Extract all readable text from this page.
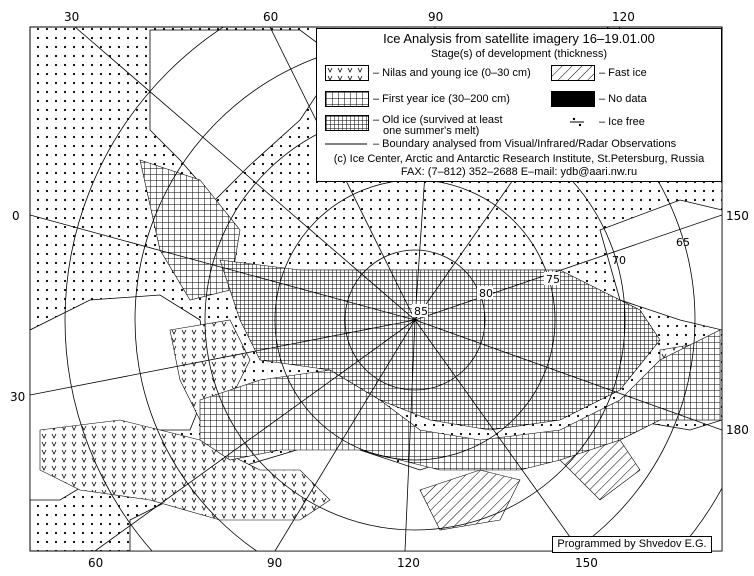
85
80
75
70
65
30	60	90	120
60	90	120	150
0
30
150
180
Ice Analysis from satellite imagery 16–19.01.00
Stage(s) of development (thickness)
– Nilas and young ice (0–30 cm)	– Fast ice
– First year ice (30–200 cm)	– No data
– Old ice (survived at least
one summer's melt)
– Ice free
– Boundary analysed from Visual/Infrared/Radar Observations
(c) Ice Center, Arctic and Antarctic Research Institute, St.Petersburg, Russia
FAX: (7–812) 352–2688 E–mail: ydb@aari.nw.ru
Programmed by Shvedov E.G.
